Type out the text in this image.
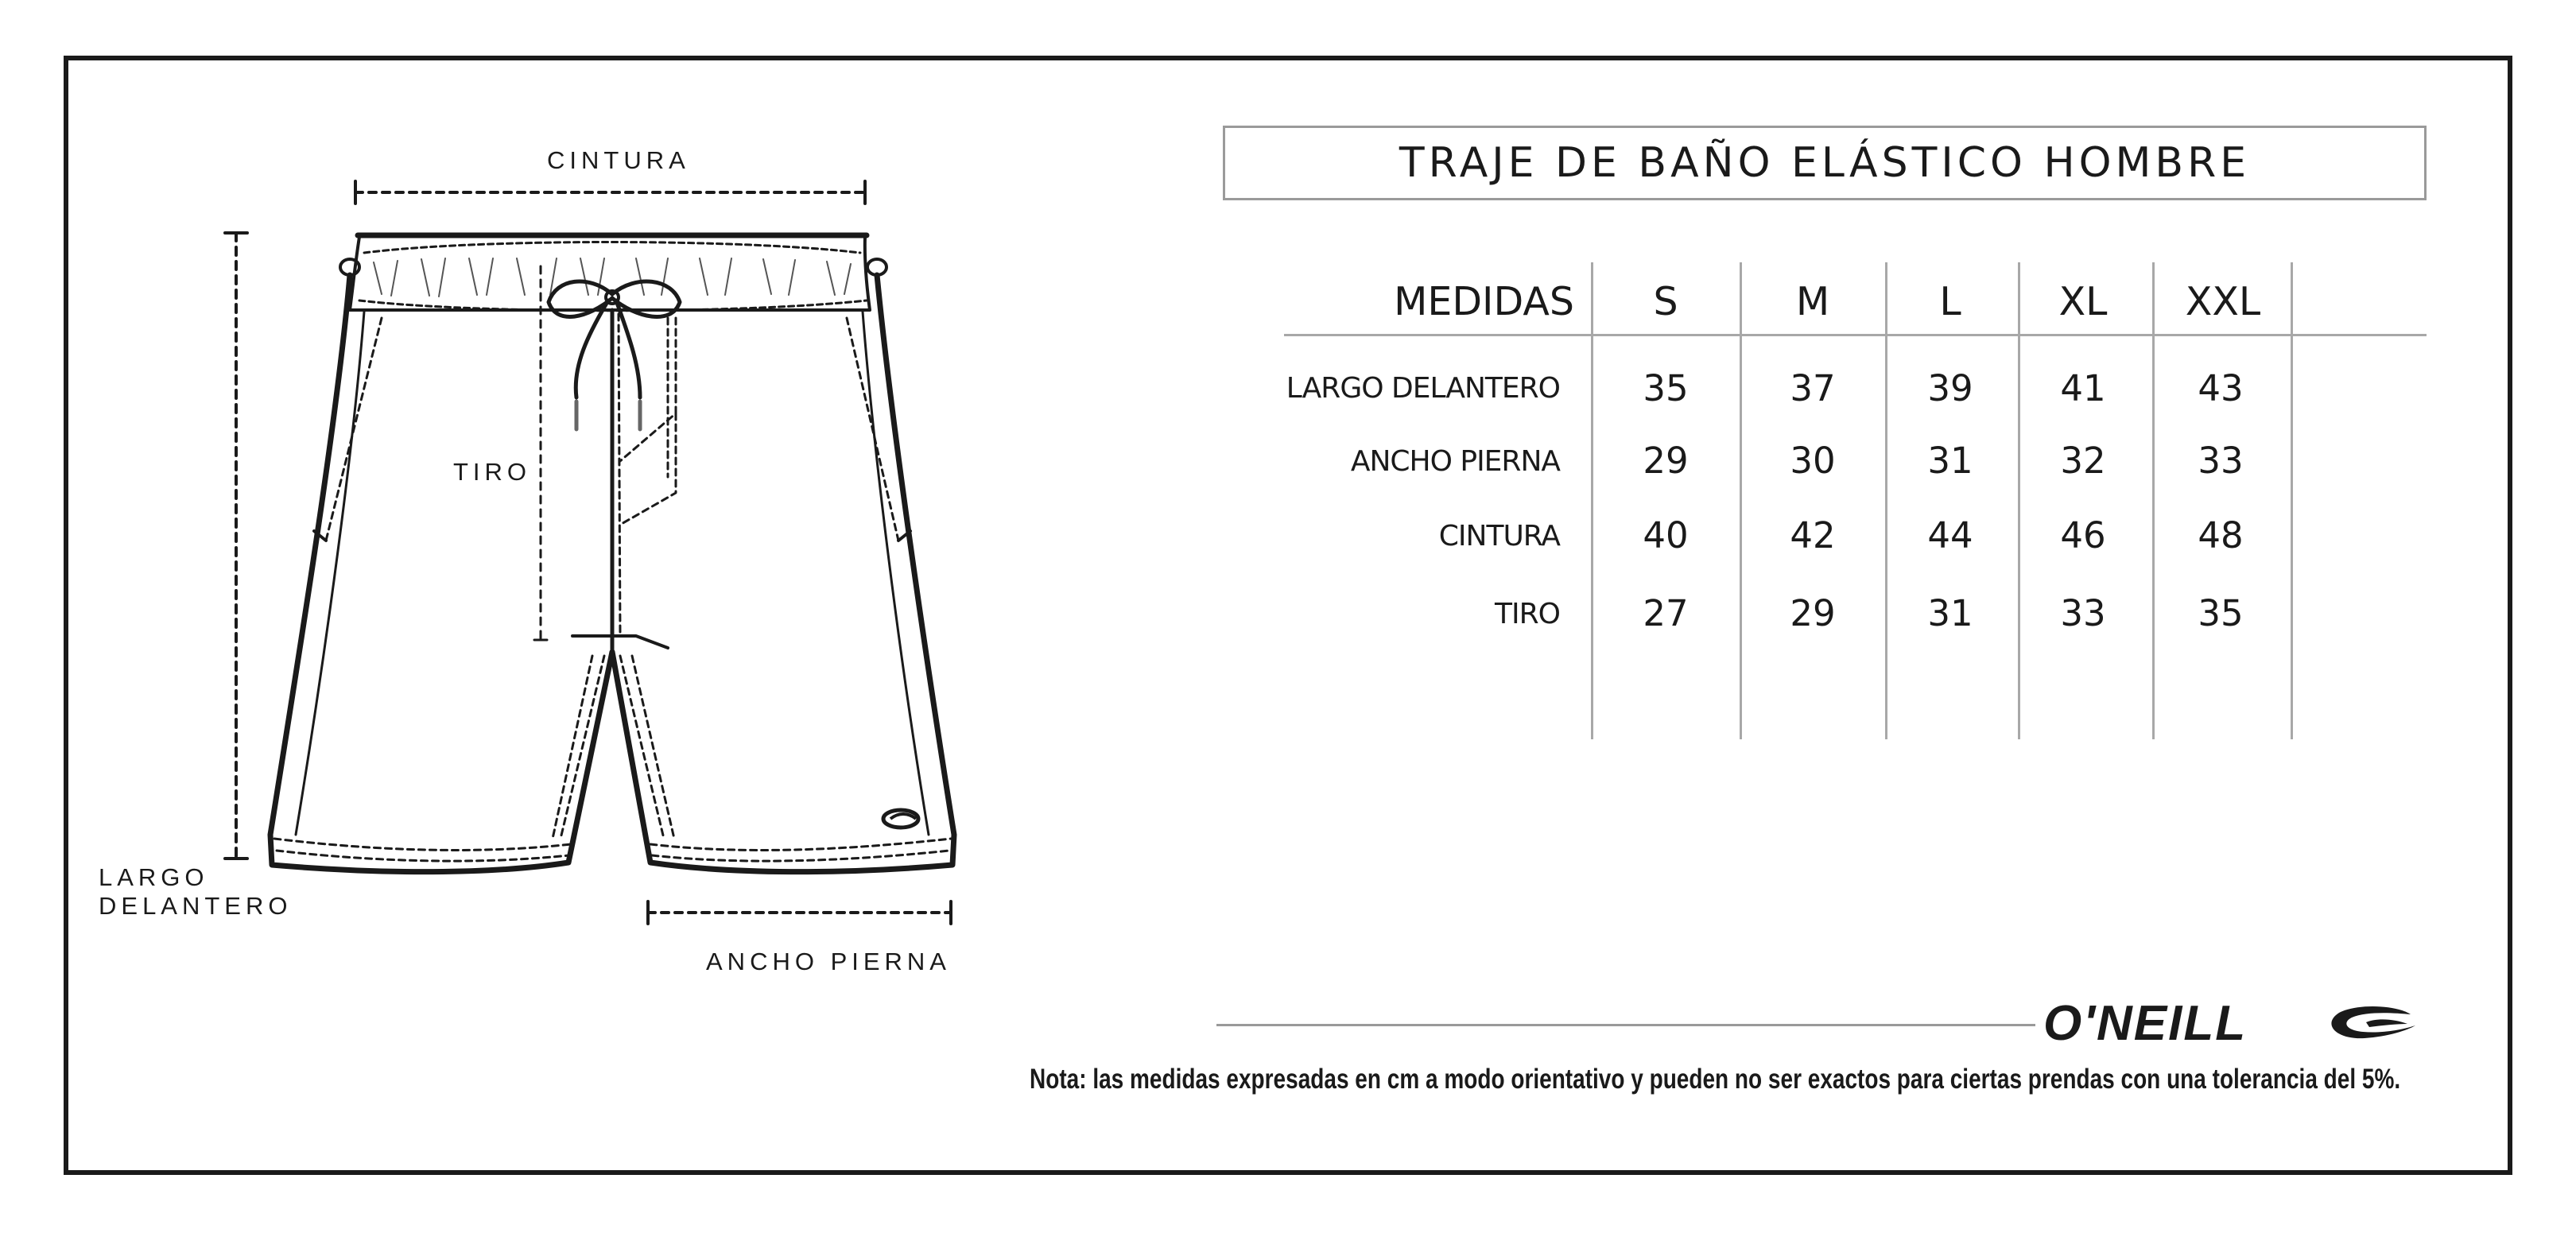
CINTURA
TIRO
LARGO
DELANTERO
ANCHO PIERNA
TRAJE DE BAÑO ELÁSTICO HOMBRE
MEDIDAS	S	M	L	XL	XXL
LARGO DELANTERO	35	37	39	41	43
ANCHO PIERNA	29	30	31	32	33
CINTURA	40	42	44	46	48
TIRO	27	29	31	33	35
O'NEILL
Nota: las medidas expresadas en cm a modo orientativo y pueden no ser exactos para ciertas prendas con una tolerancia del 5%.
